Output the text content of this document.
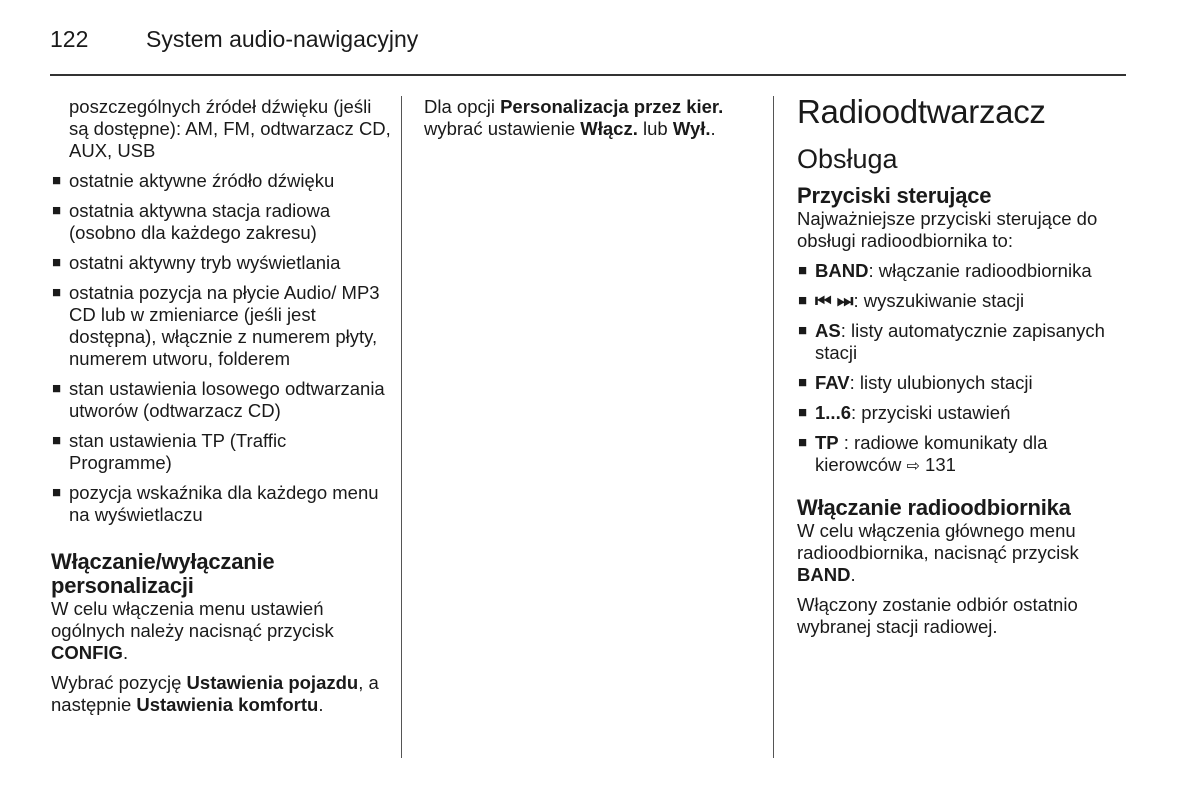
122	System audio-nawigacyjny
poszczególnych źródeł dźwięku (jeśli są dostępne): AM, FM, odtwarzacz CD, AUX, USB
■ ostatnie aktywne źródło dźwięku
■ ostatnia aktywna stacja radiowa (osobno dla każdego zakresu)
■ ostatni aktywny tryb wyświetlania
■ ostatnia pozycja na płycie Audio/ MP3 CD lub w zmieniarce (jeśli jest dostępna), włącznie z numerem płyty, numerem utworu, folderem
■ stan ustawienia losowego odtwarzania utworów (odtwarzacz CD)
■ stan ustawienia TP (Traffic Programme)
■ pozycja wskaźnika dla każdego menu na wyświetlaczu
Włączanie/wyłączanie personalizacji

W celu włączenia menu ustawień ogólnych należy nacisnąć przycisk CONFIG.

Wybrać pozycję Ustawienia pojazdu, a następnie Ustawienia komfortu.

Dla opcji Personalizacja przez kier. wybrać ustawienie Włącz. lub Wył..	Radioodtwarzacz
Obsługa
Przyciski sterujące

Najważniejsze przyciski sterujące do obsługi radioodbiornika to:

■ BAND: włączanie radioodbiornika
■ ⏮ ⏭: wyszukiwanie stacji
■ AS: listy automatycznie zapisanych stacji
■ FAV: listy ulubionych stacji
■ 1...6: przyciski ustawień
■ TP : radiowe komunikaty dla kierowców ⇨ 131
Włączanie radioodbiornika

W celu włączenia głównego menu radioodbiornika, nacisnąć przycisk BAND.

Włączony zostanie odbiór ostatnio wybranej stacji radiowej.
